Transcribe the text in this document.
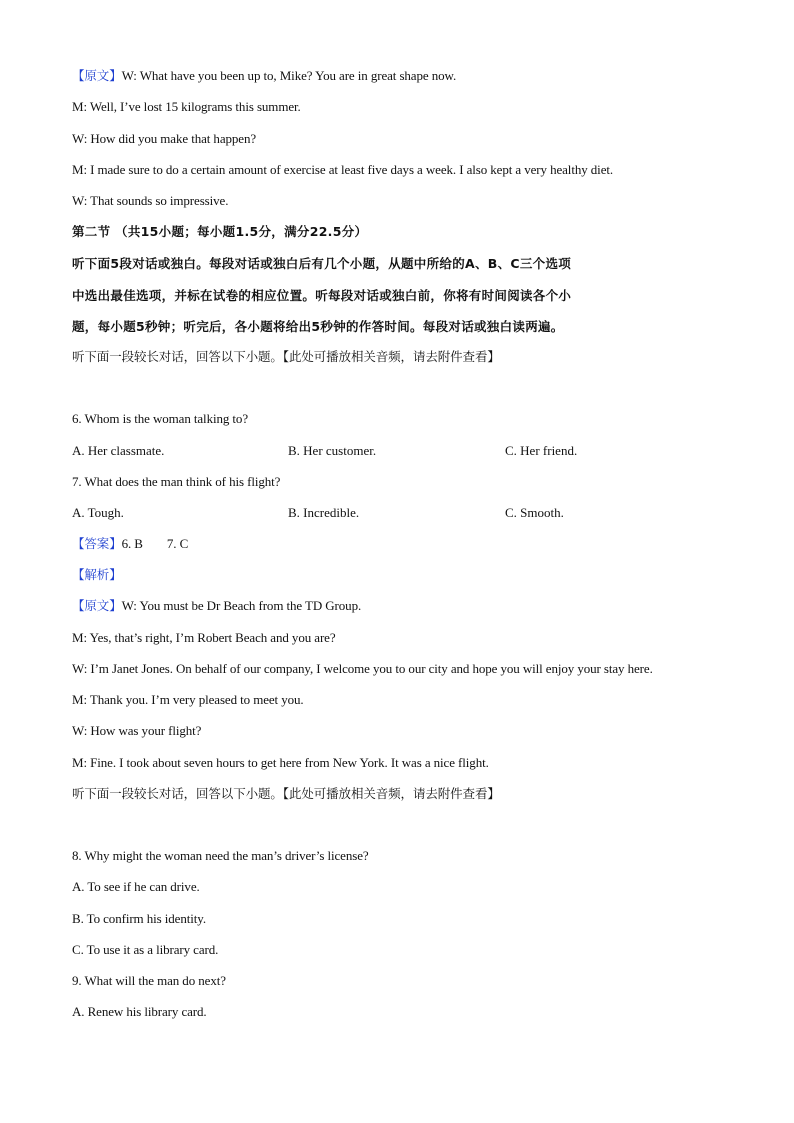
【原文】W: What have you been up to, Mike? You are in great shape now.
M: Well, I’ve lost 15 kilograms this summer.
W: How did you make that happen?
M: I made sure to do a certain amount of exercise at least five days a week. I also kept a very healthy diet.
W: That sounds so impressive.
第二节 （共15小题；每小题1.5分，满分22.5分）
听下面5段对话或独白。每段对话或独白后有几个小题，从题中所给的A、B、C三个选项
中选出最佳选项，并标在试卷的相应位置。听每段对话或独白前，你将有时间阅读各个小
题，每小题5秒钟；听完后，各小题将给出5秒钟的作答时间。每段对话或独白读两遍。
听下面一段较长对话，回答以下小题。【此处可播放相关音频，请去附件查看】
6. Whom is the woman talking to?
A. Her classmate.	B. Her customer.	C. Her friend.
7. What does the man think of his flight?
A. Tough.	B. Incredible.	C. Smooth.
【答案】6. B 7. C
【解析】
【原文】W: You must be Dr Beach from the TD Group.
M: Yes, that’s right, I’m Robert Beach and you are?
W: I’m Janet Jones. On behalf of our company, I welcome you to our city and hope you will enjoy your stay here.
M: Thank you. I’m very pleased to meet you.
W: How was your flight?
M: Fine. I took about seven hours to get here from New York. It was a nice flight.
听下面一段较长对话，回答以下小题。【此处可播放相关音频，请去附件查看】
8. Why might the woman need the man’s driver’s license?
A. To see if he can drive.
B. To confirm his identity.
C. To use it as a library card.
9. What will the man do next?
A. Renew his library card.
